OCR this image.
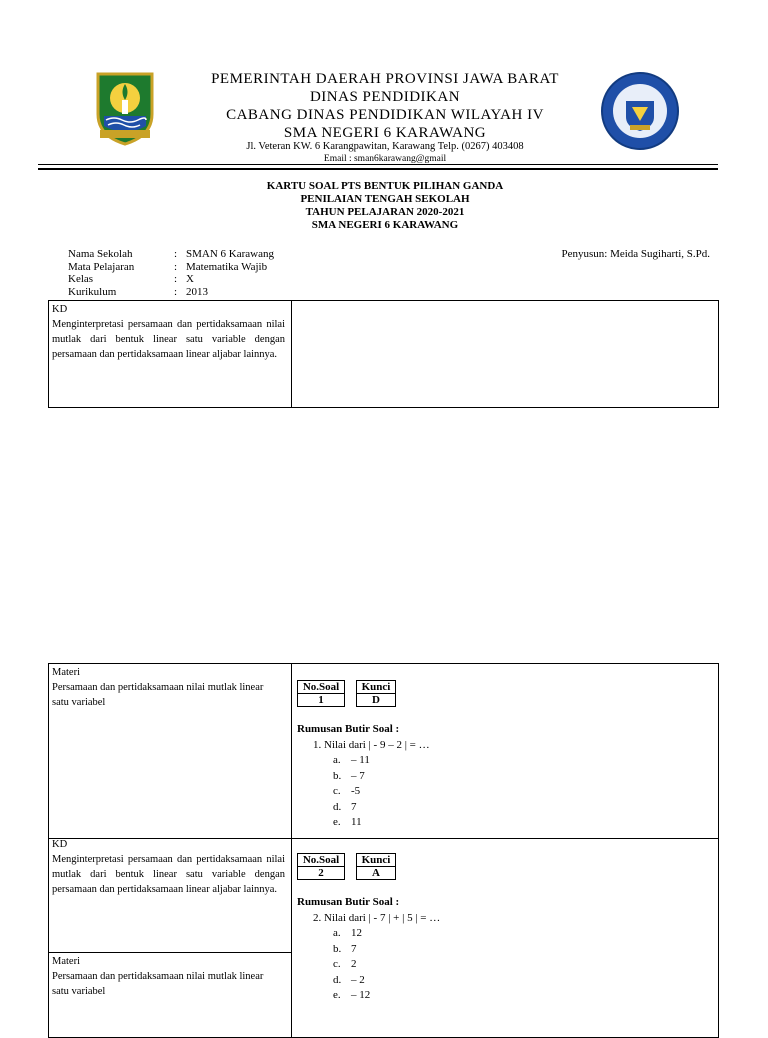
PEMERINTAH DAERAH PROVINSI JAWA BARAT
DINAS PENDIDIKAN
CABANG DINAS PENDIDIKAN WILAYAH IV
SMA NEGERI 6 KARAWANG
Jl. Veteran KW. 6 Karangpawitan, Karawang Telp. (0267) 403408
Email : sman6karawang@gmail
KARTU SOAL PTS BENTUK PILIHAN GANDA
PENILAIAN TENGAH SEKOLAH
TAHUN PELAJARAN 2020-2021
SMA NEGERI 6 KARAWANG
Nama Sekolah	: SMAN 6 Karawang
Mata Pelajaran	: Matematika Wajib
Kelas	: X
Kurikulum	: 2013
Penyusun: Meida Sugiharti, S.Pd.
KD
Menginterpretasi persamaan dan pertidaksamaan nilai mutlak dari bentuk linear satu variable dengan persamaan dan pertidaksamaan linear aljabar lainnya.
Materi
Persamaan dan pertidaksamaan nilai mutlak linear satu variabel
No.Soal
1
Kunci
D
Rumusan Butir Soal :
1. Nilai dari | - 9 – 2 | = …
a. – 11
b. – 7
c. -5
d. 7
e. 11
KD
Menginterpretasi persamaan dan pertidaksamaan nilai mutlak dari bentuk linear satu variable dengan persamaan dan pertidaksamaan linear aljabar lainnya.
Materi
Persamaan dan pertidaksamaan nilai mutlak linear satu variabel
No.Soal
2
Kunci
A
Rumusan Butir Soal :
2. Nilai dari | - 7 | + | 5 | = …
a. 12
b. 7
c. 2
d. – 2
e. – 12
